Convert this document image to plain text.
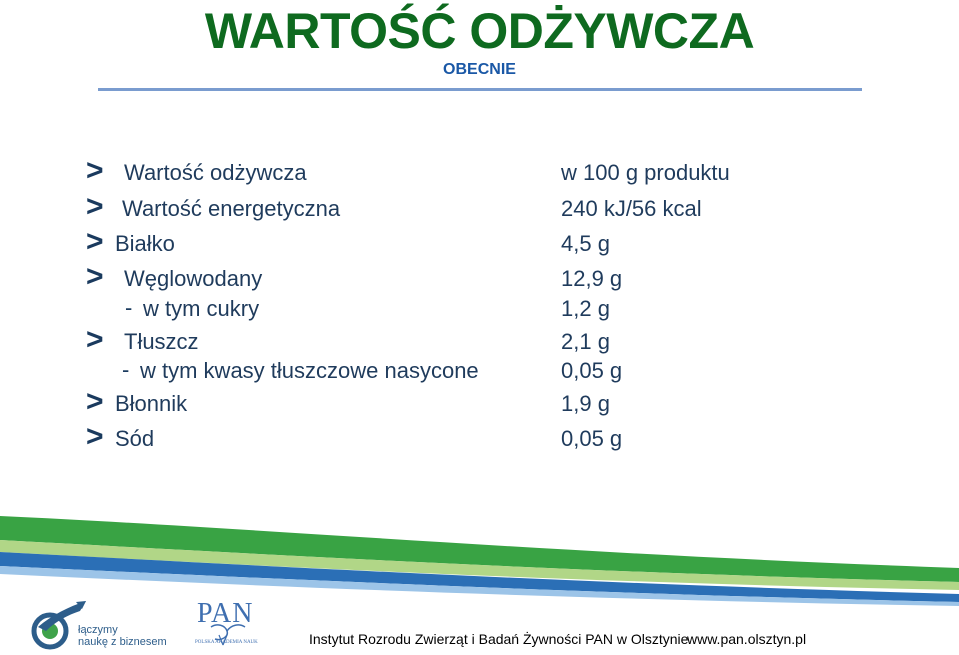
WARTOŚĆ ODŻYWCZA
OBECNIE
> Wartość odżywcza	w 100 g produktu
> Wartość energetyczna	240 kJ/56 kcal
> Białko	4,5 g
> Węglowodany	12,9 g
- w tym cukry	1,2 g
> Tłuszcz	2,1 g
- w tym kwasy tłuszczowe nasycone	0,05 g
> Błonnik	1,9 g
> Sód	0,05 g
łączymy
naukę z biznesem
PAN
POLSKA AKADEMIA NAUK	Instytut Rozrodu Zwierząt i Badań Żywności PAN w Olsztynie
www.pan.olsztyn.pl
